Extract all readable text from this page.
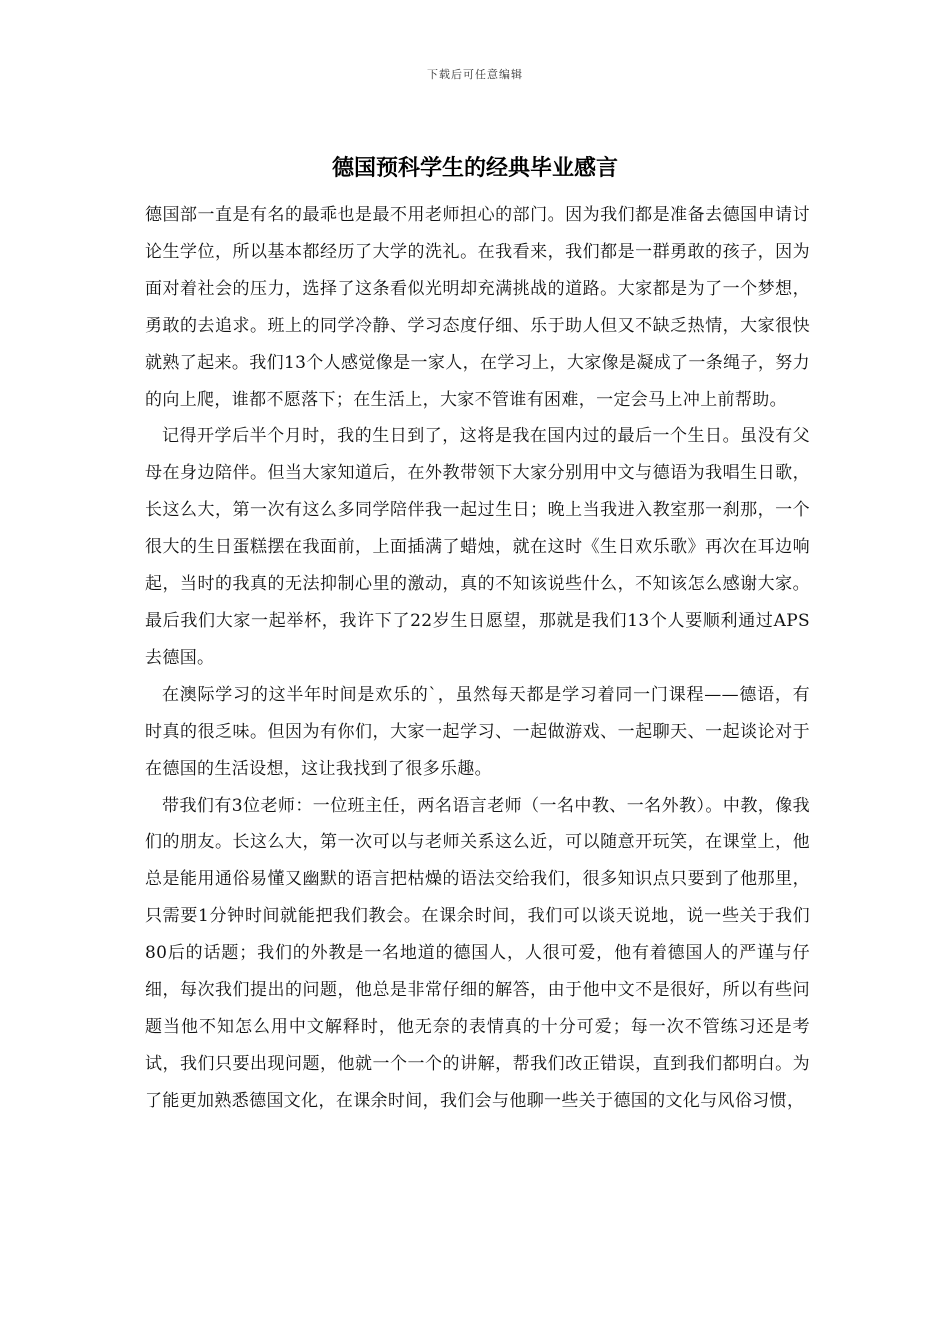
下载后可任意编辑
德国预科学生的经典毕业感言

德国部一直是有名的最乖也是最不用老师担心的部门。因为我们都是准备去德国申请讨论生学位，所以基本都经历了大学的洗礼。在我看来，我们都是一群勇敢的孩子，因为面对着社会的压力，选择了这条看似光明却充满挑战的道路。大家都是为了一个梦想，勇敢的去追求。班上的同学冷静、学习态度仔细、乐于助人但又不缺乏热情，大家很快就熟了起来。我们13个人感觉像是一家人，在学习上，大家像是凝成了一条绳子，努力的向上爬，谁都不愿落下；在生活上，大家不管谁有困难，一定会马上冲上前帮助。

记得开学后半个月时，我的生日到了，这将是我在国内过的最后一个生日。虽没有父母在身边陪伴。但当大家知道后，在外教带领下大家分别用中文与德语为我唱生日歌，长这么大，第一次有这么多同学陪伴我一起过生日；晚上当我进入教室那一刹那，一个很大的生日蛋糕摆在我面前，上面插满了蜡烛，就在这时《生日欢乐歌》再次在耳边响起，当时的我真的无法抑制心里的激动，真的不知该说些什么，不知该怎么感谢大家。最后我们大家一起举杯，我许下了22岁生日愿望，那就是我们13个人要顺利通过APS去德国。

在澳际学习的这半年时间是欢乐的`，虽然每天都是学习着同一门课程——德语，有时真的很乏味。但因为有你们，大家一起学习、一起做游戏、一起聊天、一起谈论对于在德国的生活设想，这让我找到了很多乐趣。

带我们有3位老师：一位班主任，两名语言老师（一名中教、一名外教）。中教，像我们的朋友。长这么大，第一次可以与老师关系这么近，可以随意开玩笑，在课堂上，他总是能用通俗易懂又幽默的语言把枯燥的语法交给我们，很多知识点只要到了他那里，只需要1分钟时间就能把我们教会。在课余时间，我们可以谈天说地，说一些关于我们80后的话题；我们的外教是一名地道的德国人，人很可爱，他有着德国人的严谨与仔细，每次我们提出的问题，他总是非常仔细的解答，由于他中文不是很好，所以有些问题当他不知怎么用中文解释时，他无奈的表情真的十分可爱；每一次不管练习还是考试，我们只要出现问题，他就一个一个的讲解，帮我们改正错误，直到我们都明白。为了能更加熟悉德国文化，在课余时间，我们会与他聊一些关于德国的文化与风俗习惯，
